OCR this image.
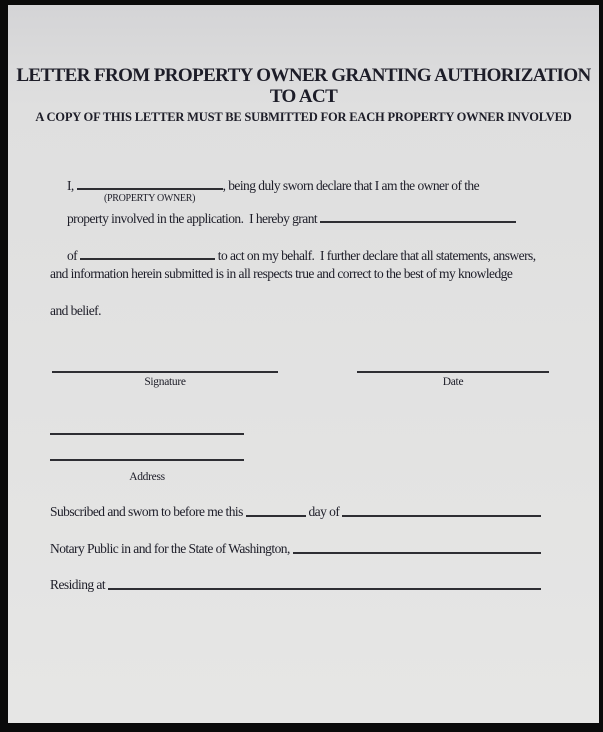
LETTER FROM PROPERTY OWNER GRANTING AUTHORIZATION
TO ACT
A COPY OF THIS LETTER MUST BE SUBMITTED FOR EACH PROPERTY OWNER INVOLVED

I,
(PROPERTY OWNER)
, being duly sworn declare that I am the owner of the

property involved in the application.  I hereby grant

of	to act on my behalf.  I further declare that all statements, answers,

and information herein submitted is in all respects true and correct to the best of my knowledge
and belief.
Signature	Date
Address
Subscribed and sworn to before me this	day of
Notary Public in and for the State of Washington,
Residing at
